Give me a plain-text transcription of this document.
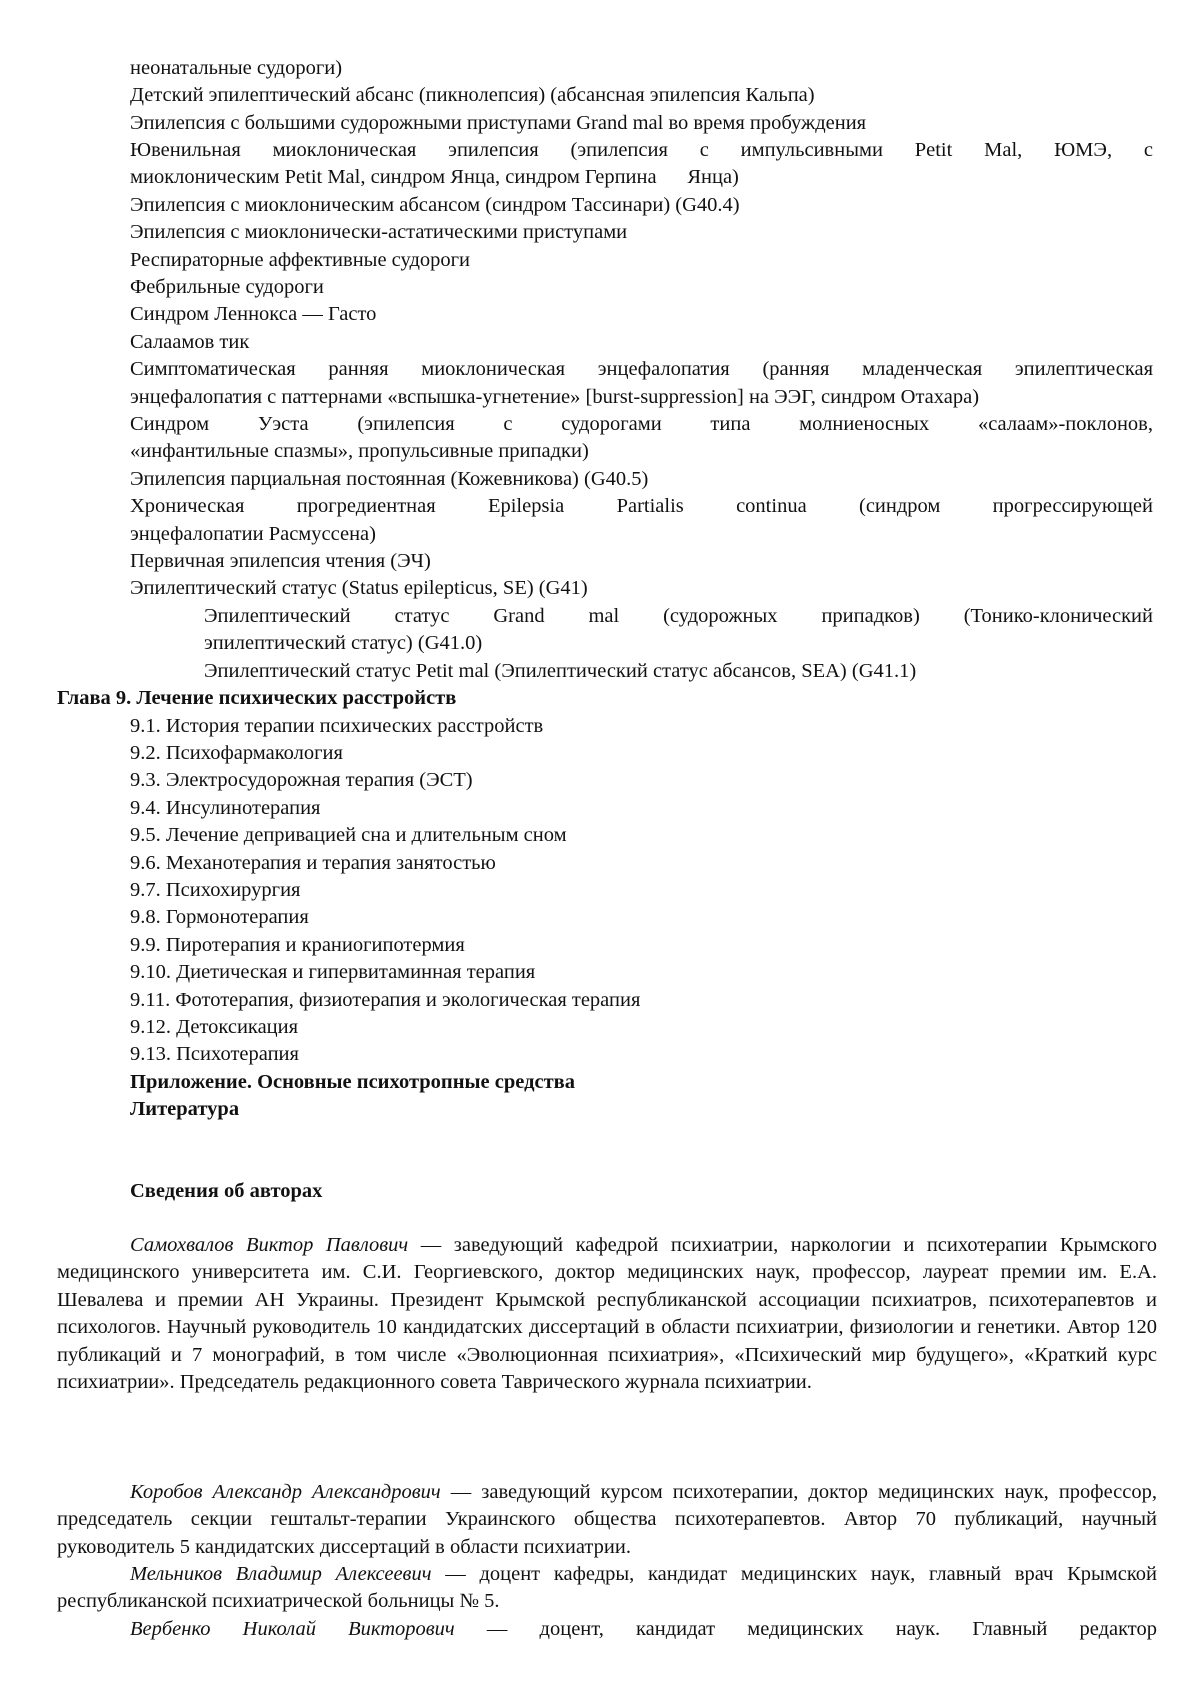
неонатальные судороги)
Детский эпилептический абсанс (пикнолепсия) (абсансная эпилепсия Кальпа)
Эпилепсия с большими судорожными приступами Grand mal во время пробуждения
Ювенильная миоклоническая эпилепсия (эпилепсия с импульсивными Petit Mal, ЮМЭ, с
миоклоническим Petit Mal, синдром Янца, синдром Герпина      Янца)
Эпилепсия с миоклоническим абсансом (синдром Тассинари) (G40.4)
Эпилепсия с миоклонически-астатическими приступами
Респираторные аффективные судороги
Фебрильные судороги
Синдром Леннокса — Гасто
Салаамов тик
Симптоматическая ранняя миоклоническая энцефалопатия (ранняя младенческая эпилептическая
энцефалопатия с паттернами «вспышка-угнетение» [burst-suppression] на ЭЭГ, синдром Отахара)
Синдром Уэста (эпилепсия с судорогами типа молниеносных «салаам»-поклонов,
«инфантильные спазмы», пропульсивные припадки)
Эпилепсия парциальная постоянная (Кожевникова) (G40.5)
Хроническая прогредиентная Epilepsia Partialis continua (синдром прогрессирующей
энцефалопатии Расмуссена)
Первичная эпилепсия чтения (ЭЧ)
Эпилептический статус (Status epilepticus, SE) (G41)
Эпилептический статус Grand mal (судорожных припадков) (Тонико-клонический
эпилептический статус) (G41.0)
Эпилептический статус Petit mal (Эпилептический статус абсансов, SEA) (G41.1)
Глава 9. Лечение психических расстройств
9.1. История терапии психических расстройств
9.2. Психофармакология
9.3. Электросудорожная терапия (ЭСТ)
9.4. Инсулинотерапия
9.5. Лечение депривацией сна и длительным сном
9.6. Механотерапия и терапия занятостью
9.7. Психохирургия
9.8. Гормонотерапия
9.9. Пиротерапия и краниогипотермия
9.10. Диетическая и гипервитаминная терапия
9.11. Фототерапия, физиотерапия и экологическая терапия
9.12. Детоксикация
9.13. Психотерапия
Приложение. Основные психотропные средства
Литература
Сведения об авторах
Самохвалов Виктор Павлович — заведующий кафедрой психиатрии, наркологии и психотерапии Крымского медицинского университета им. С.И. Георгиевского, доктор медицинских наук, профессор, лауреат премии им. Е.А. Шевалева и премии АН Украины. Президент Крымской республиканской ассоциации психиатров, психотерапевтов и психологов. Научный руководитель 10 кандидатских диссертаций в области психиатрии, физиологии и генетики. Автор 120 публикаций и 7 монографий, в том числе «Эволюционная психиатрия», «Психический мир будущего», «Краткий курс психиатрии». Председатель редакционного совета Таврического журнала психиатрии.
Коробов Александр Александрович — заведующий курсом психотерапии, доктор медицинских наук, профессор, председатель секции гештальт-терапии Украинского общества психотерапевтов. Автор 70 публикаций, научный руководитель 5 кандидатских диссертаций в области психиатрии.
Мельников Владимир Алексеевич — доцент кафедры, кандидат медицинских наук, главный врач Крымской республиканской психиатрической больницы № 5.
Вербенко Николай Викторович — доцент, кандидат медицинских наук. Главный редактор
